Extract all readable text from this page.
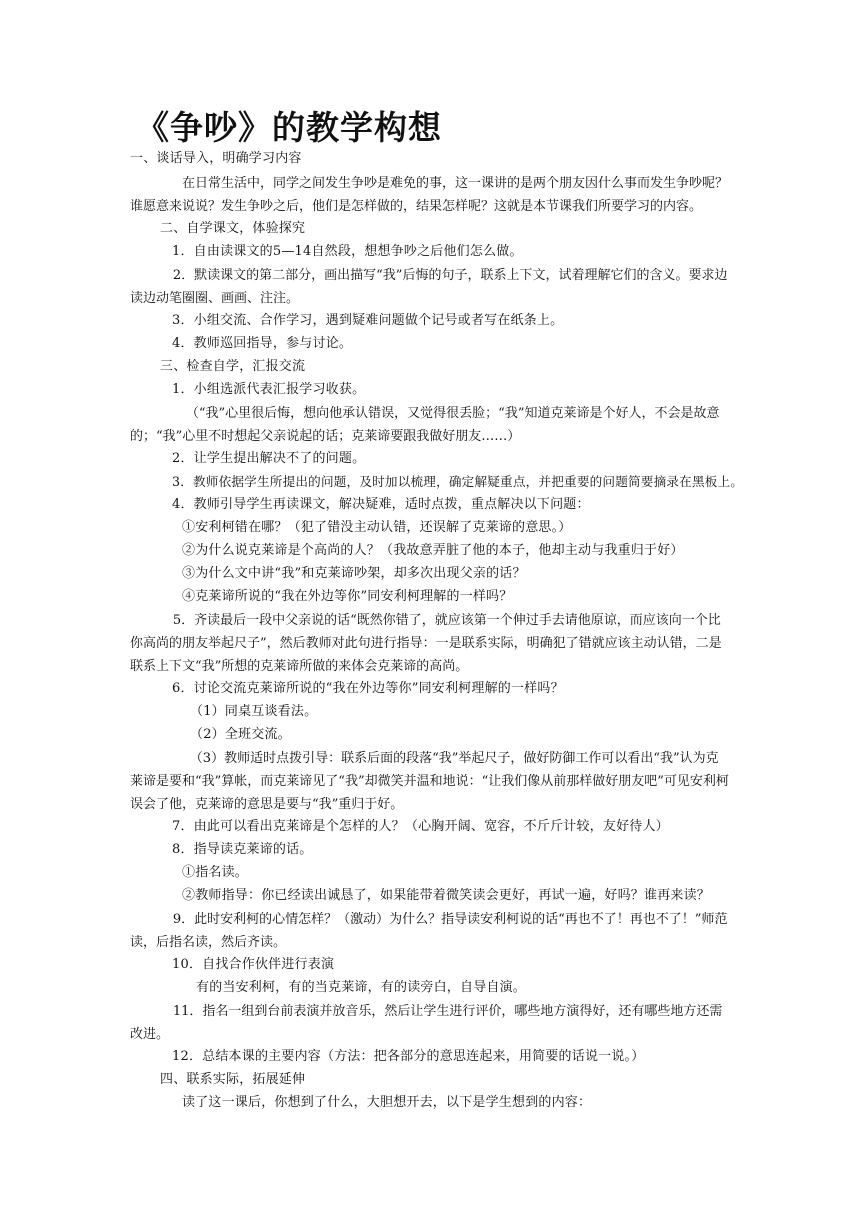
《争吵》的教学构想
一、谈话导入，明确学习内容

在日常生活中，同学之间发生争吵是难免的事，这一课讲的是两个朋友因什么事而发生争吵呢？谁愿意来说说？发生争吵之后，他们是怎样做的，结果怎样呢？这就是本节课我们所要学习的内容。

二、自学课文，体验探究
1．自由读课文的5—14自然段，想想争吵之后他们怎么做。

2．默读课文的第二部分，画出描写“我”后悔的句子，联系上下文，试着理解它们的含义。要求边读边动笔圈圈、画画、注注。

3．小组交流、合作学习，遇到疑难问题做个记号或者写在纸条上。
4．教师巡回指导，参与讨论。
三、检查自学，汇报交流
1．小组选派代表汇报学习收获。

（“我”心里很后悔，想向他承认错误，又觉得很丢脸；“我”知道克莱谛是个好人，不会是故意的；“我”心里不时想起父亲说起的话；克莱谛要跟我做好朋友……）

2．让学生提出解决不了的问题。
3．教师依据学生所提出的问题，及时加以梳理，确定解疑重点，并把重要的问题简要摘录在黑板上。
4．教师引导学生再读课文，解决疑难，适时点拨，重点解决以下问题：
①安利柯错在哪？（犯了错没主动认错，还误解了克莱谛的意思。）
②为什么说克莱谛是个高尚的人？（我故意弄脏了他的本子，他却主动与我重归于好）
③为什么文中讲“我”和克莱谛吵架，却多次出现父亲的话？
④克莱谛所说的“我在外边等你”同安利柯理解的一样吗？

5．齐读最后一段中父亲说的话“既然你错了，就应该第一个伸过手去请他原谅，而应该向一个比你高尚的朋友举起尺子”，然后教师对此句进行指导：一是联系实际，明确犯了错就应该主动认错，二是联系上下文“我”所想的克莱谛所做的来体会克莱谛的高尚。

6．讨论交流克莱谛所说的“我在外边等你”同安利柯理解的一样吗？
（1）同桌互谈看法。
（2）全班交流。

（3）教师适时点拨引导：联系后面的段落“我”举起尺子，做好防御工作可以看出“我”认为克莱谛是要和“我”算帐，而克莱谛见了“我”却微笑并温和地说：“让我们像从前那样做好朋友吧”可见安利柯误会了他，克莱谛的意思是要与“我”重归于好。

7．由此可以看出克莱谛是个怎样的人？（心胸开阔、宽容，不斤斤计较，友好待人）
8．指导读克莱谛的话。
①指名读。
②教师指导：你已经读出诚恳了，如果能带着微笑读会更好，再试一遍，好吗？谁再来读？

9．此时安利柯的心情怎样？（激动）为什么？指导读安利柯说的话“再也不了！再也不了！”师范读，后指名读，然后齐读。

10．自找合作伙伴进行表演
有的当安利柯，有的当克莱谛，有的读旁白，自导自演。

11．指名一组到台前表演并放音乐，然后让学生进行评价，哪些地方演得好，还有哪些地方还需改进。

12．总结本课的主要内容（方法：把各部分的意思连起来，用简要的话说一说。）
四、联系实际，拓展延伸
读了这一课后，你想到了什么，大胆想开去，以下是学生想到的内容：
